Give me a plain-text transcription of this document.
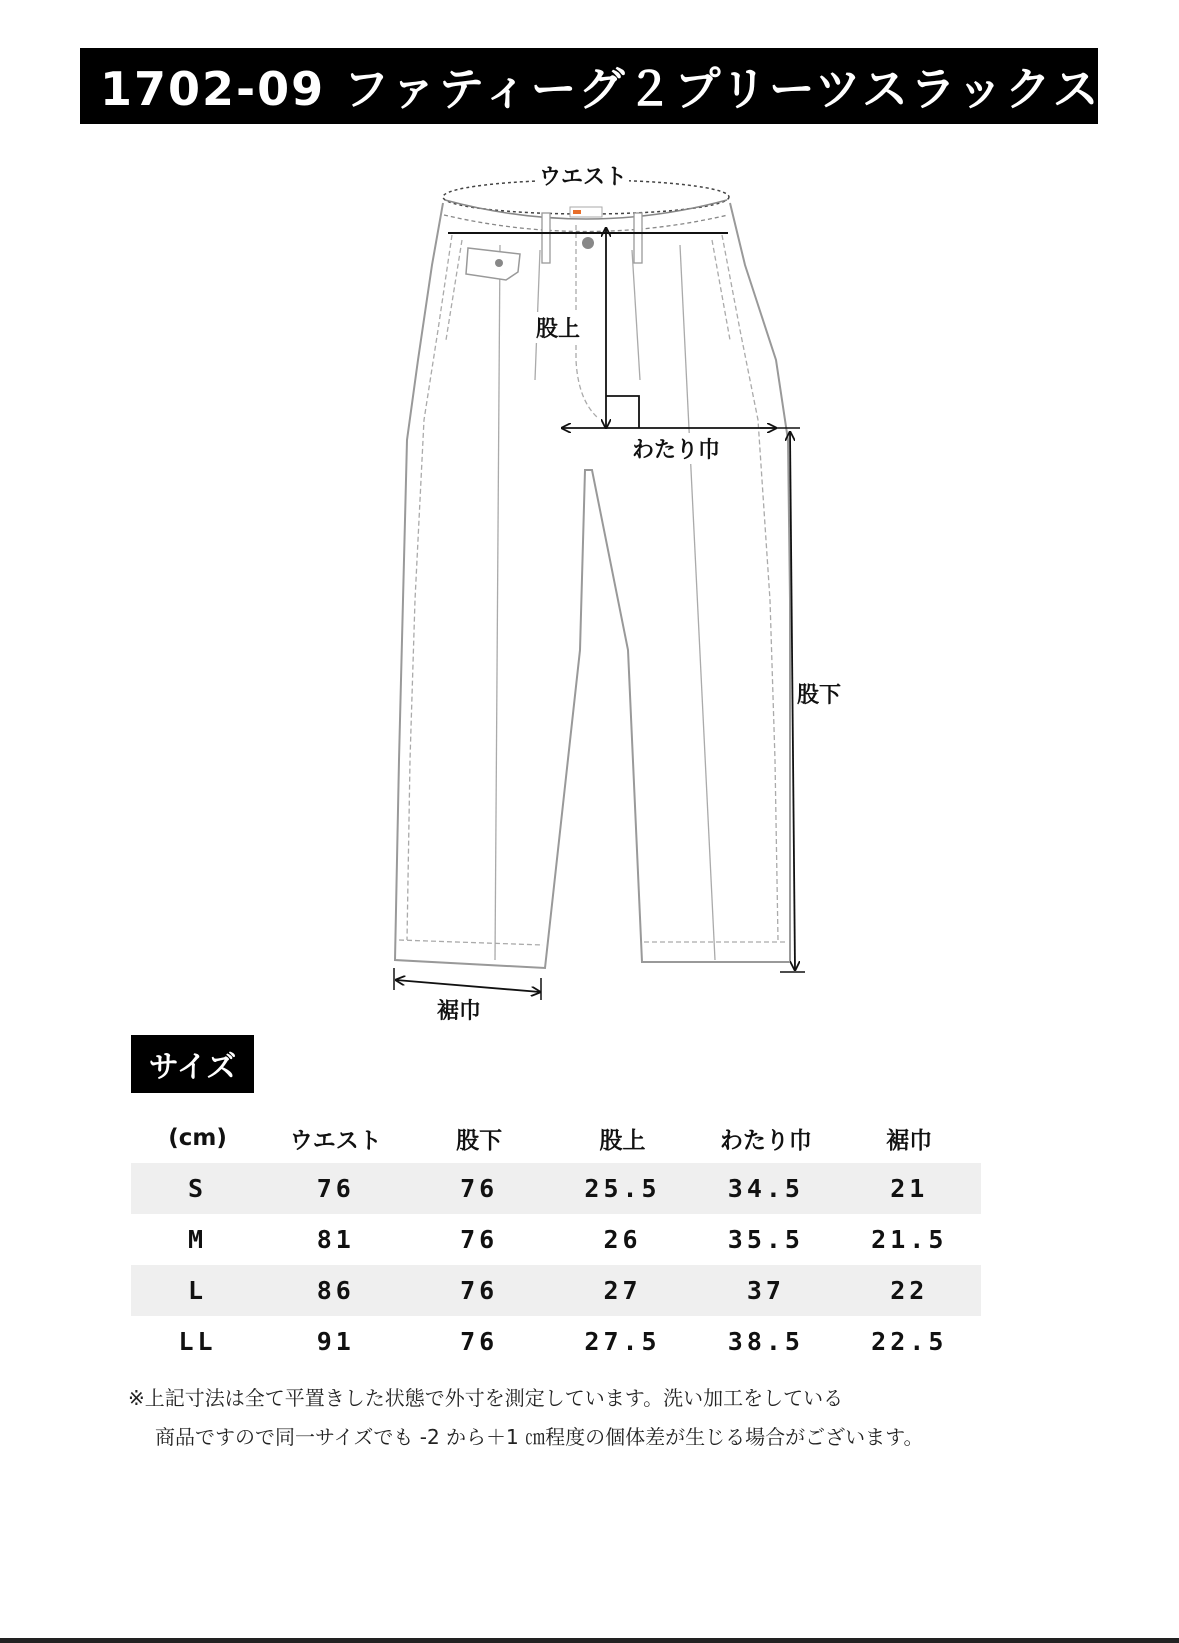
1702-09 ファティーグ２プリーツスラックス
ウエスト
股上
わたり巾
股下
裾巾
サイズ
(cm)	ウエスト	股下	股上	わたり巾	裾巾
S	76	76	25.5	34.5	21
M	81	76	26	35.5	21.5
L	86	76	27	37	22
LL	91	76	27.5	38.5	22.5
※上記寸法は全て平置きした状態で外寸を測定しています。洗い加工をしている
商品ですので同一サイズでも -2 から＋1 ㎝程度の個体差が生じる場合がございます。
